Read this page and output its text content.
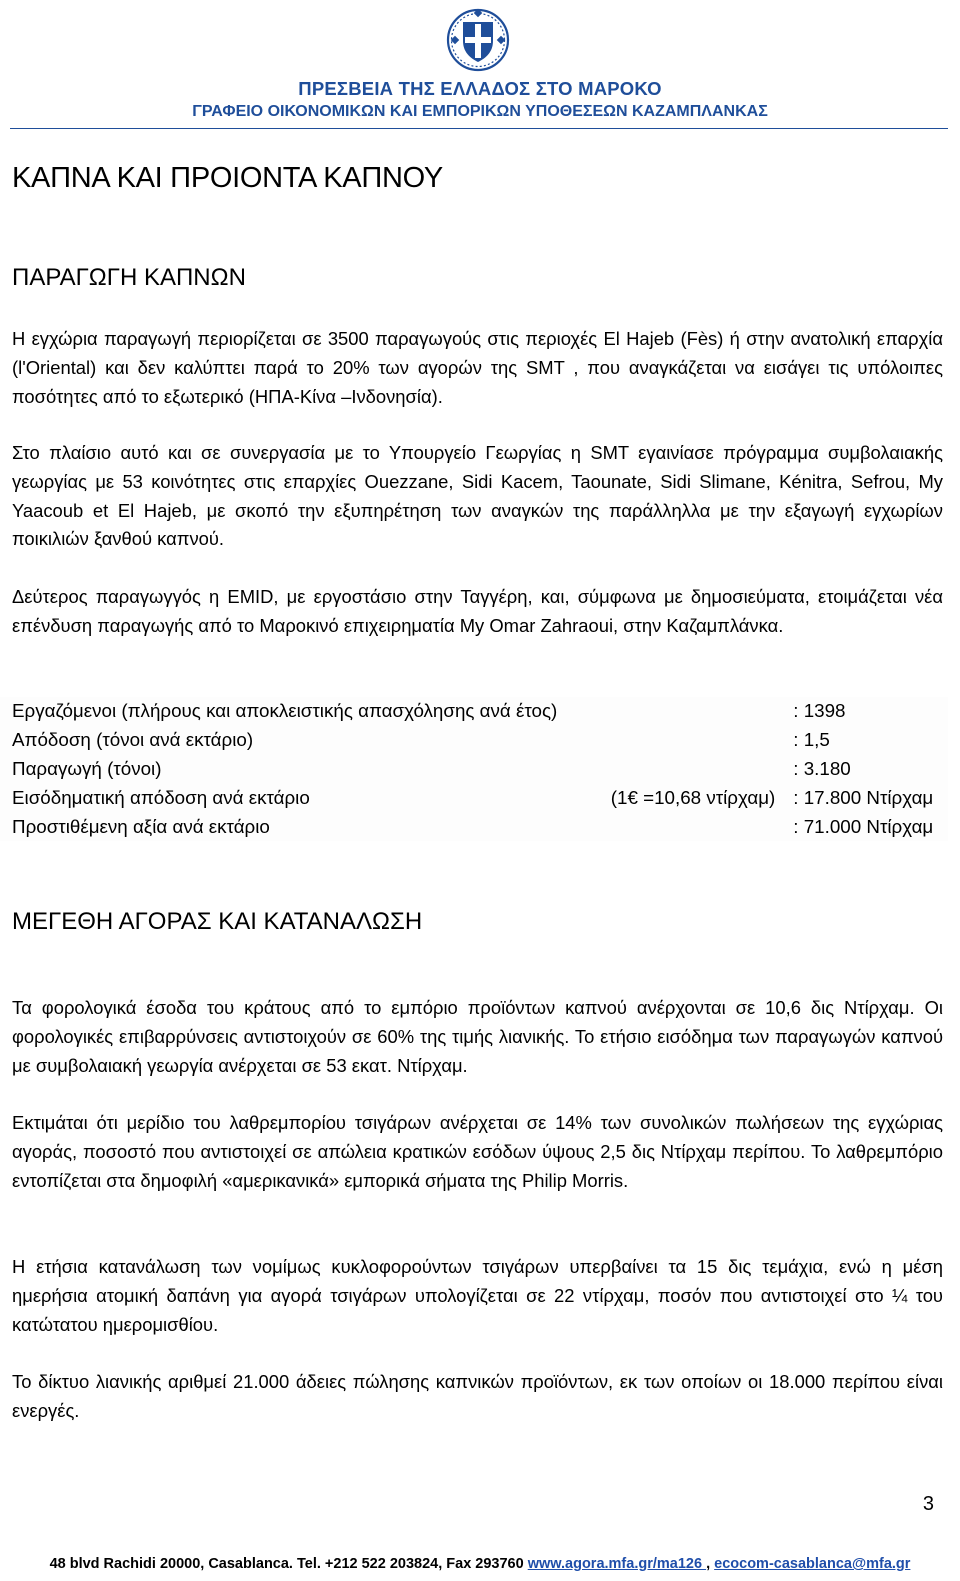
ΠΡΕΣΒΕΙΑ ΤΗΣ ΕΛΛΑΔΟΣ ΣΤΟ ΜΑΡΟΚΟ
ΓΡΑΦΕΙΟ ΟΙΚΟΝΟΜΙΚΩΝ ΚΑΙ ΕΜΠΟΡΙΚΩΝ ΥΠΟΘΕΣΕΩΝ ΚΑΖΑΜΠΛΑΝΚΑΣ
ΚΑΠΝΑ ΚΑΙ ΠΡΟΙΟΝΤΑ ΚΑΠΝΟΥ
ΠΑΡΑΓΩΓΗ ΚΑΠΝΩΝ

Η εγχώρια παραγωγή περιορίζεται σε 3500 παραγωγούς στις περιοχές El Hajeb (Fès) ή στην ανατολική επαρχία (l'Oriental) και δεν καλύπτει παρά το 20% των αγορών της SMT , που αναγκάζεται να εισάγει τις υπόλοιπες ποσότητες από το εξωτερικό (ΗΠΑ-Κίνα –Ινδονησία).

Στο πλαίσιο αυτό και σε συνεργασία με το Υπουργείο Γεωργίας η SMT εγαινίασε πρόγραμμα συμβολαιακής γεωργίας με 53 κοινότητες στις επαρχίες Ouezzane, Sidi Kacem, Taounate, Sidi Slimane, Kénitra, Sefrou, My Yaacoub et El Hajeb, με σκοπό την εξυπηρέτηση των αναγκών της παράλληλλα με την εξαγωγή εγχωρίων ποικιλιών ξανθού καπνού.

Δεύτερος παραγωγγός η EMID, με εργοστάσιο στην Ταγγέρη, και, σύμφωνα με δημοσιεύματα, ετοιμάζεται νέα επένδυση παραγωγής από το Μαροκινό επιχειρηματία My Omar Zahraoui, στην Καζαμπλάνκα.

Εργαζόμενοι (πλήρους και αποκλειστικής απασχόλησης ανά έτος)		: 1398
Απόδοση (τόνοι ανά εκτάριο)		: 1,5
Παραγωγή (τόνοι)		: 3.180
Εισόδηματική απόδοση ανά εκτάριο	(1€ =10,68 ντίρχαμ)	: 17.800 Ντίρχαμ
Προστιθέμενη αξία ανά εκτάριο		: 71.000 Ντίρχαμ
ΜΕΓΕΘΗ ΑΓΟΡΑΣ ΚΑΙ ΚΑΤΑΝΑΛΩΣΗ

Τα φορολογικά έσοδα του κράτους από το εμπόριο προϊόντων καπνού ανέρχονται σε 10,6 δις Ντίρχαμ. Οι φορολογικές επιβαρρύνσεις αντιστοιχούν σε 60% της τιμής λιανικής. Το ετήσιο εισόδημα των παραγωγών καπνού με συμβολαιακή γεωργία ανέρχεται σε 53 εκατ. Ντίρχαμ.

Εκτιμάται ότι μερίδιο του λαθρεμπορίου τσιγάρων ανέρχεται σε 14% των συνολικών πωλήσεων της εγχώριας αγοράς, ποσοστό που αντιστοιχεί σε απώλεια κρατικών εσόδων ύψους 2,5 δις Ντίρχαμ περίπου. Το λαθρεμπόριο εντοπίζεται στα δημοφιλή «αμερικανικά» εμπορικά σήματα της Philip Morris.

Η ετήσια κατανάλωση των νομίμως κυκλοφορούντων τσιγάρων υπερβαίνει τα 15 δις τεμάχια, ενώ η μέση ημερήσια ατομική δαπάνη για αγορά τσιγάρων υπολογίζεται σε 22 ντίρχαμ, ποσόν που αντιστοιχεί στο ¼ του κατώτατου ημερομισθίου.

Το δίκτυο λιανικής αριθμεί 21.000 άδειες πώλησης καπνικών προϊόντων, εκ των οποίων οι 18.000 περίπου είναι ενεργές.

3
48 blvd Rachidi 20000, Casablanca. Tel. +212 522 203824, Fax 293760 www.agora.mfa.gr/ma126 , ecocom-casablanca@mfa.gr
